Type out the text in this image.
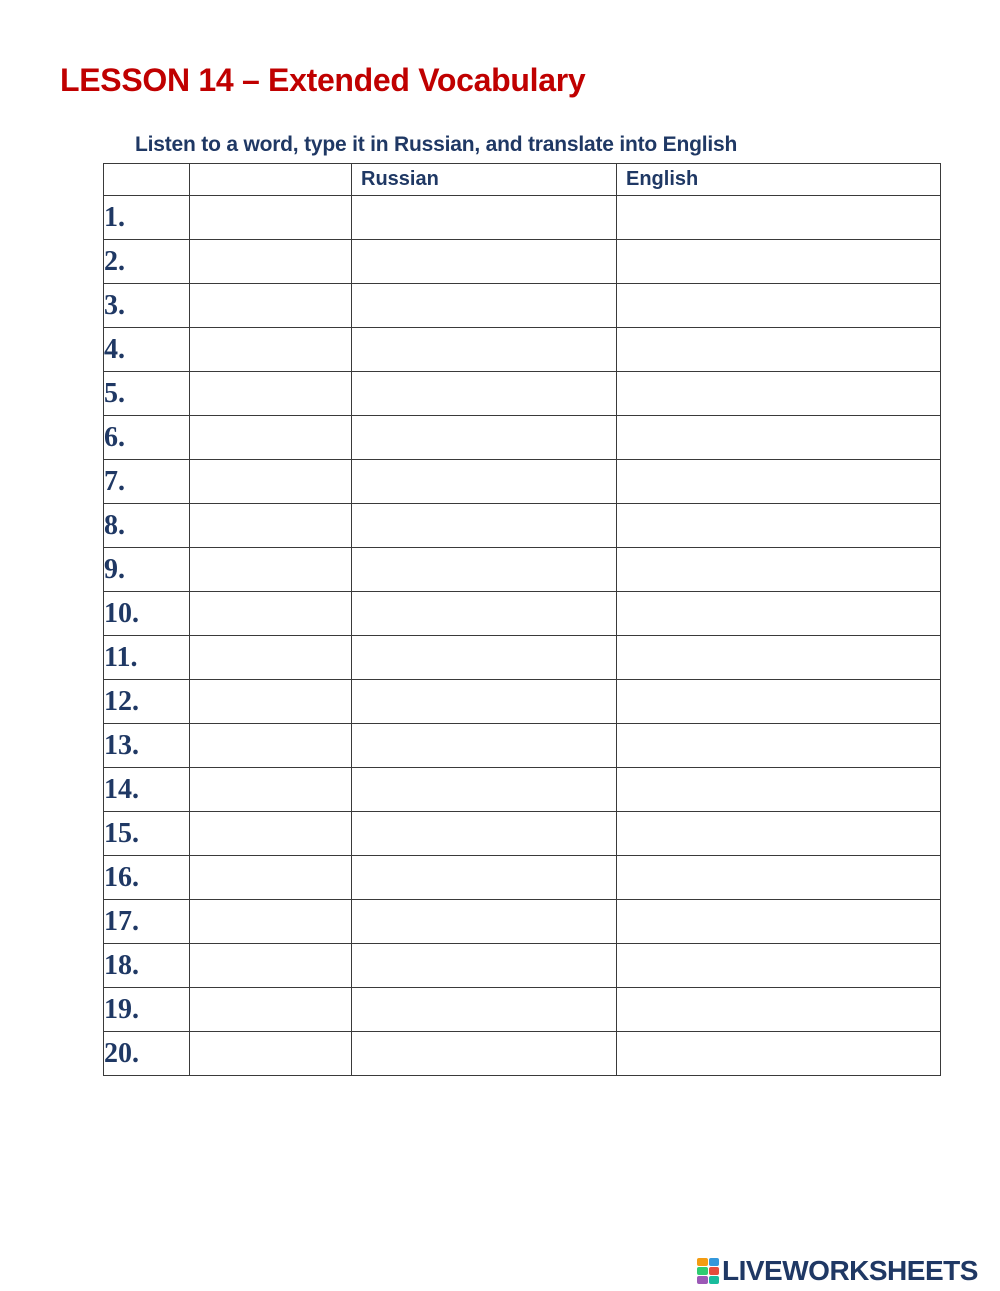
LESSON 14 – Extended Vocabulary
Listen to a word, type it in Russian, and translate into English
		Russian	English
1.			
2.			
3.			
4.			
5.			
6.			
7.			
8.			
9.			
10.			
11.			
12.			
13.			
14.			
15.			
16.			
17.			
18.			
19.			
20.			
LIVEWORKSHEETS
